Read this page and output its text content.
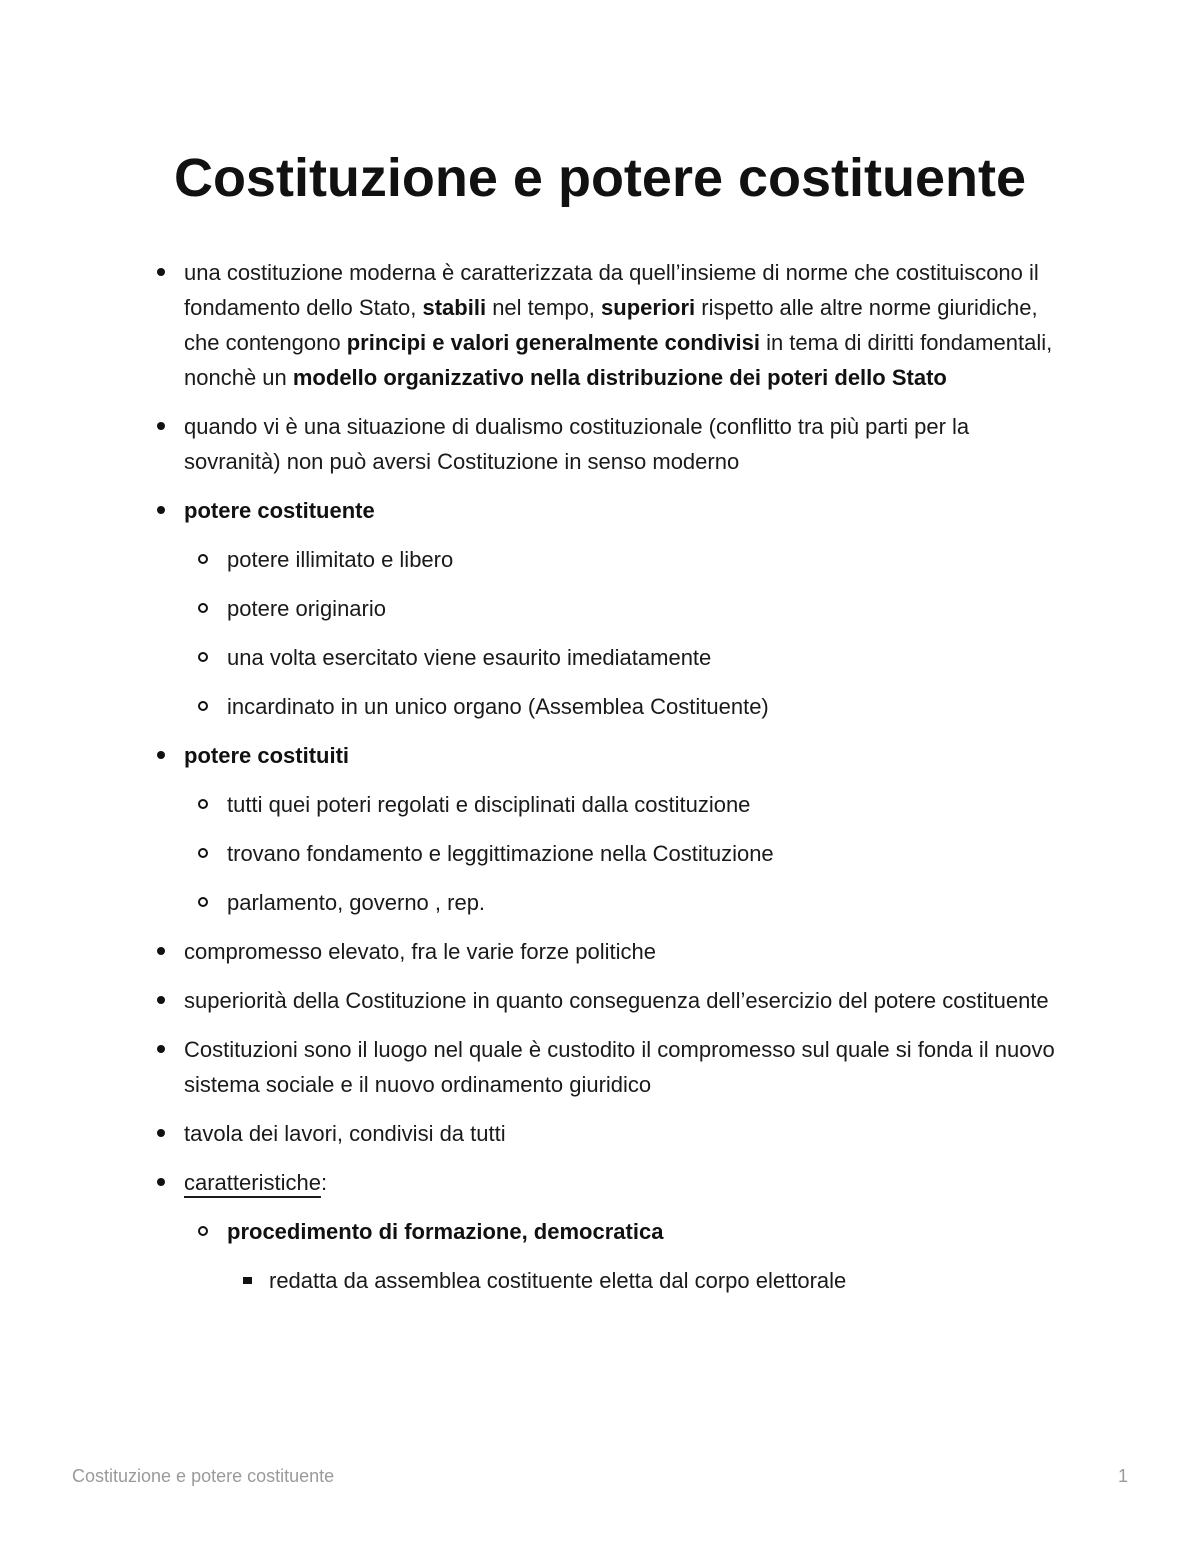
Costituzione e potere costituente
una costituzione moderna è caratterizzata da quell’insieme di norme che costituiscono il fondamento dello Stato, stabili nel tempo, superiori rispetto alle altre norme giuridiche, che contengono principi e valori generalmente condivisi in tema di diritti fondamentali, nonchè un modello organizzativo nella distribuzione dei poteri dello Stato
quando vi è una situazione di dualismo costituzionale (conflitto tra più parti per la sovranità) non può aversi Costituzione in senso moderno
potere costituente
potere illimitato e libero
potere originario
una volta esercitato viene esaurito imediatamente
incardinato in un unico organo (Assemblea Costituente)
potere costituiti
tutti quei poteri regolati e disciplinati dalla costituzione
trovano fondamento e leggittimazione nella Costituzione
parlamento, governo , rep.
compromesso elevato, fra le varie forze politiche
superiorità della Costituzione in quanto conseguenza dell’esercizio del potere costituente
Costituzioni sono il luogo nel quale è custodito il compromesso sul quale si fonda il nuovo sistema sociale e il nuovo ordinamento giuridico
tavola dei lavori, condivisi da tutti
caratteristiche:
procedimento di formazione, democratica
redatta da assemblea costituente eletta dal corpo elettorale
Costituzione e potere costituente	1
